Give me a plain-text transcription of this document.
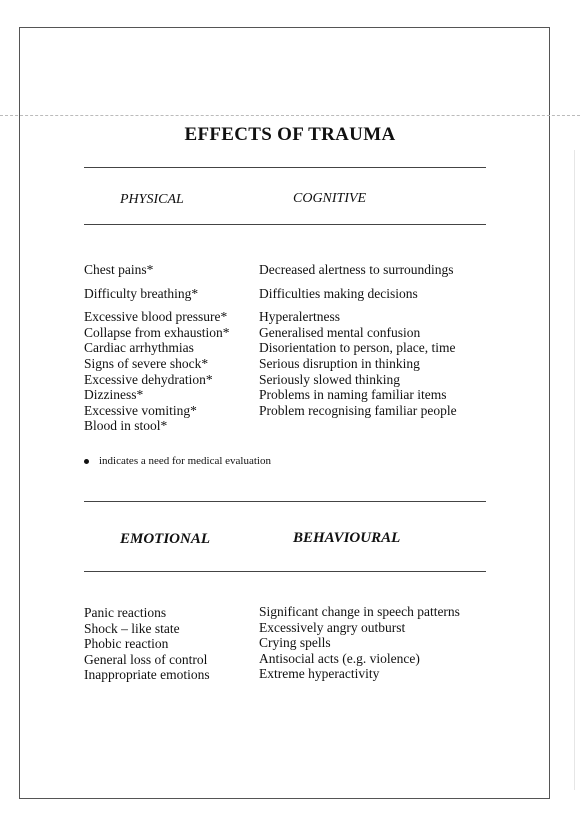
EFFECTS OF TRAUMA
PHYSICAL	COGNITIVE
Chest pains*
Difficulty breathing*
Excessive blood pressure*
Collapse from exhaustion*
Cardiac arrhythmias
Signs of severe shock*
Excessive dehydration*
Dizziness*
Excessive vomiting*
Blood in stool*
Decreased alertness to surroundings
Difficulties making decisions
Hyperalertness
Generalised mental confusion
Disorientation to person, place, time
Serious disruption in thinking
Seriously slowed thinking
Problems in naming familiar items
Problem recognising familiar people
indicates a need for medical evaluation
EMOTIONAL	BEHAVIOURAL
Panic reactions
Shock – like state
Phobic reaction
General loss of control
Inappropriate emotions
Significant change in speech patterns
Excessively angry outburst
Crying spells
Antisocial acts (e.g. violence)
Extreme hyperactivity
